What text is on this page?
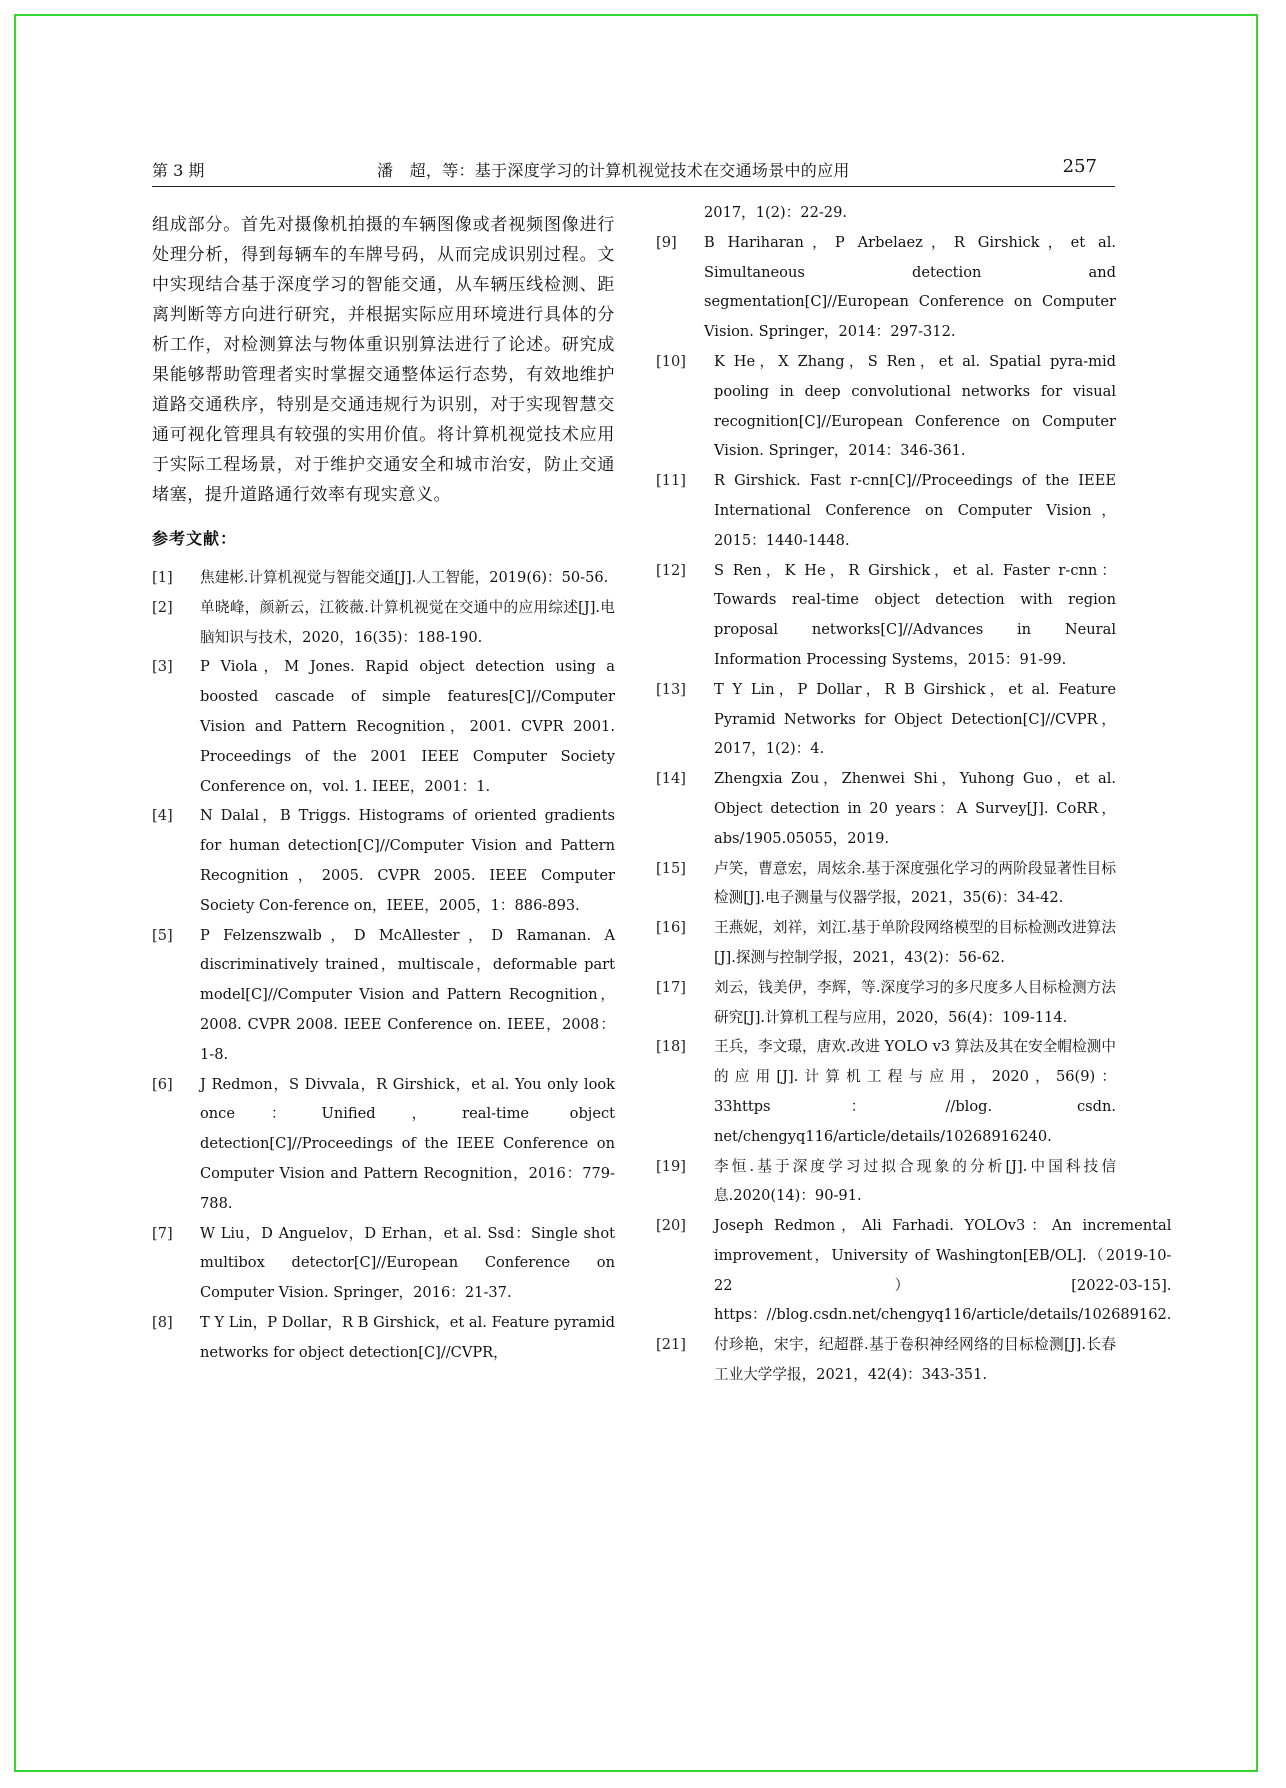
第 3 期	潘　超，等：基于深度学习的计算机视觉技术在交通场景中的应用	257

组成部分。首先对摄像机拍摄的车辆图像或者视频图像进行处理分析，得到每辆车的车牌号码，从而完成识别过程。文中实现结合基于深度学习的智能交通，从车辆压线检测、距离判断等方向进行研究，并根据实际应用环境进行具体的分析工作，对检测算法与物体重识别算法进行了论述。研究成果能够帮助管理者实时掌握交通整体运行态势，有效地维护道路交通秩序，特别是交通违规行为识别，对于实现智慧交通可视化管理具有较强的实用价值。将计算机视觉技术应用于实际工程场景，对于维护交通安全和城市治安，防止交通堵塞，提升道路通行效率有现实意义。

参考文献：
[1]	焦建彬.计算机视觉与智能交通[J].人工智能，2019(6)：50-56.
[2]	单晓峰，颜新云，江筱薇.计算机视觉在交通中的应用综述[J].电脑知识与技术，2020，16(35)：188-190.
[3]	P Viola，M Jones. Rapid object detection using a boosted cascade of simple features[C]//Computer Vision and Pattern Recognition，2001. CVPR 2001. Proceedings of the 2001 IEEE Computer Society Conference on，vol. 1. IEEE，2001：1.
[4]	N Dalal，B Triggs. Histograms of oriented gradients for human detection[C]//Computer Vision and Pattern Recognition，2005. CVPR 2005. IEEE Computer Society Con-ference on，IEEE，2005，1：886-893.
[5]	P Felzenszwalb，D McAllester，D Ramanan. A discriminatively trained，multiscale，deformable part model[C]//Computer Vision and Pattern Recognition，2008. CVPR 2008. IEEE Conference on. IEEE，2008：1-8.
[6]	J Redmon，S Divvala，R Girshick，et al. You only look once：Unified，real-time object detection[C]//Proceedings of the IEEE Conference on Computer Vision and Pattern Recognition，2016：779-788.
[7]	W Liu，D Anguelov，D Erhan，et al. Ssd：Single shot multibox detector[C]//European Conference on Computer Vision. Springer，2016：21-37.
[8]	T Y Lin，P Dollar，R B Girshick，et al. Feature pyramid networks for object detection[C]//CVPR，
2017，1(2)：22-29.
[9]	B Hariharan，P Arbelaez，R Girshick，et al. Simultaneous detection and segmentation[C]//European Conference on Computer Vision. Springer，2014：297-312.
[10]	K He，X Zhang，S Ren，et al. Spatial pyra-mid pooling in deep convolutional networks for visual recognition[C]//European Conference on Computer Vision. Springer，2014：346-361.
[11]	R Girshick. Fast r-cnn[C]//Proceedings of the IEEE International Conference on Computer Vision，2015：1440-1448.
[12]	S Ren，K He，R Girshick，et al. Faster r-cnn：Towards real-time object detection with region proposal networks[C]//Advances in Neural Information Processing Systems，2015：91-99.
[13]	T Y Lin，P Dollar，R B Girshick，et al. Feature Pyramid Networks for Object Detection[C]//CVPR，2017，1(2)：4.
[14]	Zhengxia Zou，Zhenwei Shi，Yuhong Guo，et al. Object detection in 20 years：A Survey[J]. CoRR，abs/1905.05055，2019.
[15]	卢笑，曹意宏，周炫余.基于深度强化学习的两阶段显著性目标检测[J].电子测量与仪器学报，2021，35(6)：34-42.
[16]	王燕妮，刘祥，刘江.基于单阶段网络模型的目标检测改进算法[J].探测与控制学报，2021，43(2)：56-62.
[17]	刘云，钱美伊，李辉，等.深度学习的多尺度多人目标检测方法研究[J].计算机工程与应用，2020，56(4)：109-114.
[18]	王兵，李文璟，唐欢.改进 YOLO v3 算法及其在安全帽检测中的应用[J].计算机工程与应用，2020，56(9)：33https：//blog. csdn. net/chengyq116/article/details/10268916240.
[19]	李恒.基于深度学习过拟合现象的分析[J].中国科技信息.2020(14)：90-91.
[20]	Joseph Redmon，Ali Farhadi. YOLOv3：An incremental improvement，University of Washington[EB/OL].（2019-10-22）[2022-03-15]. https：//blog.csdn.net/chengyq116/article/details/102689162.
[21]	付珍艳，宋宇，纪超群.基于卷积神经网络的目标检测[J].长春工业大学学报，2021，42(4)：343-351.
